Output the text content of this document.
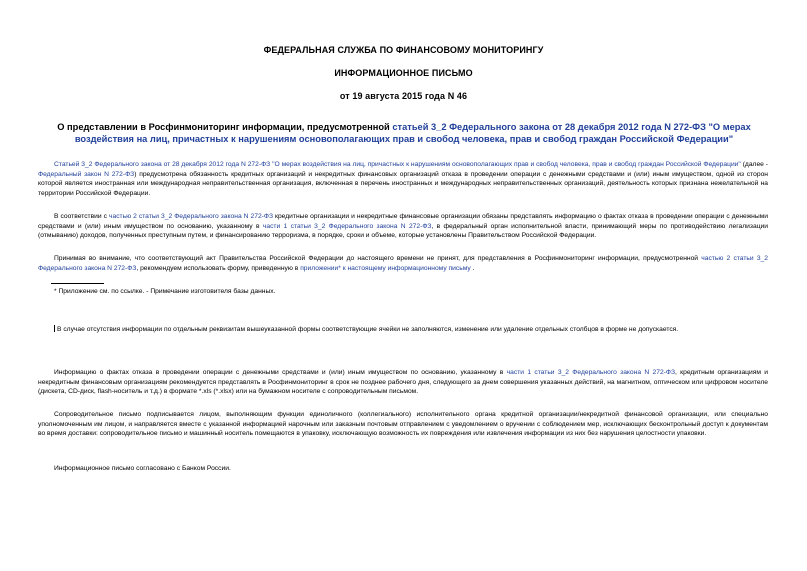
ФЕДЕРАЛЬНАЯ СЛУЖБА ПО ФИНАНСОВОМУ МОНИТОРИНГУ
ИНФОРМАЦИОННОЕ ПИСЬМО
от 19 августа 2015 года N 46
О представлении в Росфинмониторинг информации, предусмотренной статьей 3_2 Федерального закона от 28 декабря 2012 года N 272-ФЗ "О мерах воздействия на лиц, причастных к нарушениям основополагающих прав и свобод человека, прав и свобод граждан Российской Федерации"
Статьей 3_2 Федерального закона от 28 декабря 2012 года N 272-ФЗ "О мерах воздействия на лиц, причастных к нарушениям основополагающих прав и свобод человека, прав и свобод граждан Российской Федерации" (далее - Федеральный закон N 272-ФЗ) предусмотрена обязанность кредитных организаций и некредитных финансовых организаций отказа в проведении операции с денежными средствами и (или) иным имуществом, одной из сторон которой является иностранная или международная неправительственная организация, включенная в перечень иностранных и международных неправительственных организаций, деятельность которых признана нежелательной на территории Российской Федерации.
В соответствии с частью 2 статьи 3_2 Федерального закона N 272-ФЗ кредитные организации и некредитные финансовые организации обязаны представлять информацию о фактах отказа в проведении операции с денежными средствами и (или) иным имуществом по основанию, указанному в части 1 статьи 3_2 Федерального закона N 272-ФЗ, в федеральный орган исполнительной власти, принимающий меры по противодействию легализации (отмыванию) доходов, полученных преступным путем, и финансированию терроризма, в порядке, сроки и объеме, которые установлены Правительством Российской Федерации.
Принимая во внимание, что соответствующий акт Правительства Российской Федерации до настоящего времени не принят, для представления в Росфинмониторинг информации, предусмотренной частью 2 статьи 3_2 Федерального закона N 272-ФЗ, рекомендуем использовать форму, приведенную в приложении* к настоящему информационному письму .
* Приложение см. по ссылке. - Примечание изготовителя базы данных.
В случае отсутствия информации по отдельным реквизитам вышеуказанной формы соответствующие ячейки не заполняются, изменение или удаление отдельных столбцов в форме не допускается.
Информацию о фактах отказа в проведении операции с денежными средствами и (или) иным имуществом по основанию, указанному в части 1 статьи 3_2 Федерального закона N 272-ФЗ, кредитным организациям и некредитным финансовым организациям рекомендуется представлять в Росфинмониторинг в срок не позднее рабочего дня, следующего за днем совершения указанных действий, на магнитном, оптическом или цифровом носителе (дискета, CD-диск, flash-носитель и т.д.) в формате *.xls (*.xlsx) или на бумажном носителе с сопроводительным письмом.
Сопроводительное письмо подписывается лицом, выполняющим функции единоличного (коллегиального) исполнительного органа кредитной организации/некредитной финансовой организации, или специально уполномоченным им лицом, и направляется вместе с указанной информацией нарочным или заказным почтовым отправлением с уведомлением о вручении с соблюдением мер, исключающих бесконтрольный доступ к документам во время доставки: сопроводительное письмо и машинный носитель помещаются в упаковку, исключающую возможность их повреждения или извлечения информации из них без нарушения целостности упаковки.
Информационное письмо согласовано с Банком России.
